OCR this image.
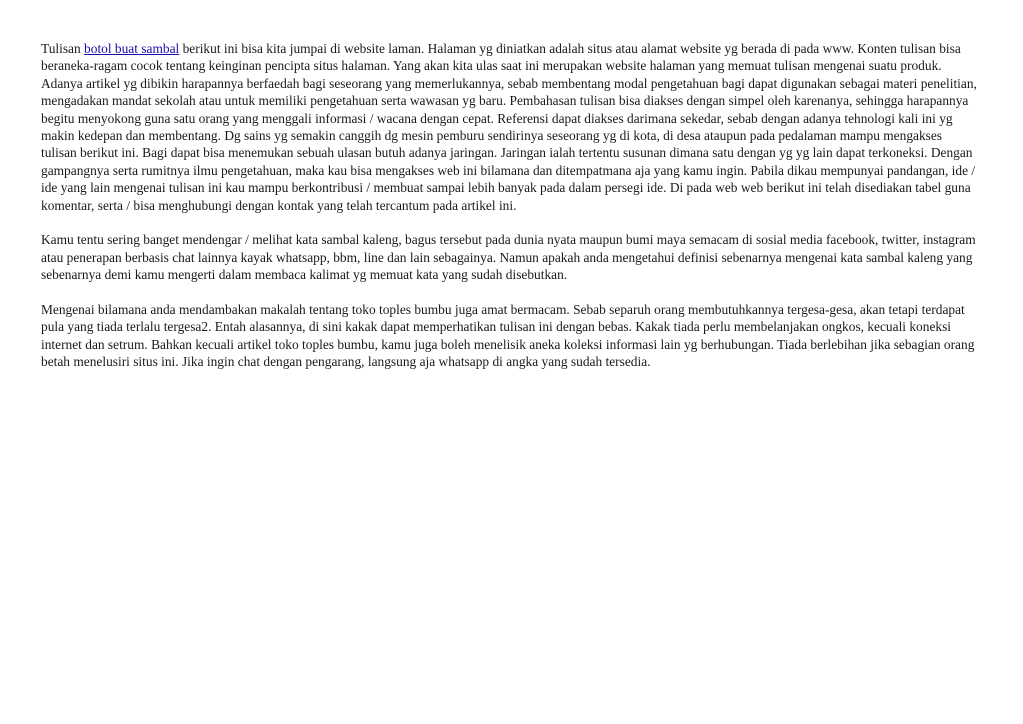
Tulisan botol buat sambal berikut ini bisa kita jumpai di website laman. Halaman yg diniatkan adalah situs atau alamat website yg berada di pada www. Konten tulisan bisa beraneka-ragam cocok tentang keinginan pencipta situs halaman. Yang akan kita ulas saat ini merupakan website halaman yang memuat tulisan mengenai suatu produk. Adanya artikel yg dibikin harapannya berfaedah bagi seseorang yang memerlukannya, sebab membentang modal pengetahuan bagi dapat digunakan sebagai materi penelitian, mengadakan mandat sekolah atau untuk memiliki pengetahuan serta wawasan yg baru. Pembahasan tulisan bisa diakses dengan simpel oleh karenanya, sehingga harapannya begitu menyokong guna satu orang yang menggali informasi / wacana dengan cepat. Referensi dapat diakses darimana sekedar, sebab dengan adanya tehnologi kali ini yg makin kedepan dan membentang. Dg sains yg semakin canggih dg mesin pemburu sendirinya seseorang yg di kota, di desa ataupun pada pedalaman mampu mengakses tulisan berikut ini. Bagi dapat bisa menemukan sebuah ulasan butuh adanya jaringan. Jaringan ialah tertentu susunan dimana satu dengan yg yg lain dapat terkoneksi. Dengan gampangnya serta rumitnya ilmu pengetahuan, maka kau bisa mengakses web ini bilamana dan ditempatmana aja yang kamu ingin. Pabila dikau mempunyai pandangan, ide / ide yang lain mengenai tulisan ini kau mampu berkontribusi / membuat sampai lebih banyak pada dalam persegi ide. Di pada web web berikut ini telah disediakan tabel guna komentar, serta / bisa menghubungi dengan kontak yang telah tercantum pada artikel ini.

Kamu tentu sering banget mendengar / melihat kata sambal kaleng, bagus tersebut pada dunia nyata maupun bumi maya semacam di sosial media facebook, twitter, instagram atau penerapan berbasis chat lainnya kayak whatsapp, bbm, line dan lain sebagainya. Namun apakah anda mengetahui definisi sebenarnya mengenai kata sambal kaleng yang sebenarnya demi kamu mengerti dalam membaca kalimat yg memuat kata yang sudah disebutkan.

Mengenai bilamana anda mendambakan makalah tentang toko toples bumbu juga amat bermacam. Sebab separuh orang membutuhkannya tergesa-gesa, akan tetapi terdapat pula yang tiada terlalu tergesa2. Entah alasannya, di sini kakak dapat memperhatikan tulisan ini dengan bebas. Kakak tiada perlu membelanjakan ongkos, kecuali koneksi internet dan setrum. Bahkan kecuali artikel toko toples bumbu, kamu juga boleh menelisik aneka koleksi informasi lain yg berhubungan. Tiada berlebihan jika sebagian orang betah menelusiri situs ini. Jika ingin chat dengan pengarang, langsung aja whatsapp di angka yang sudah tersedia.
